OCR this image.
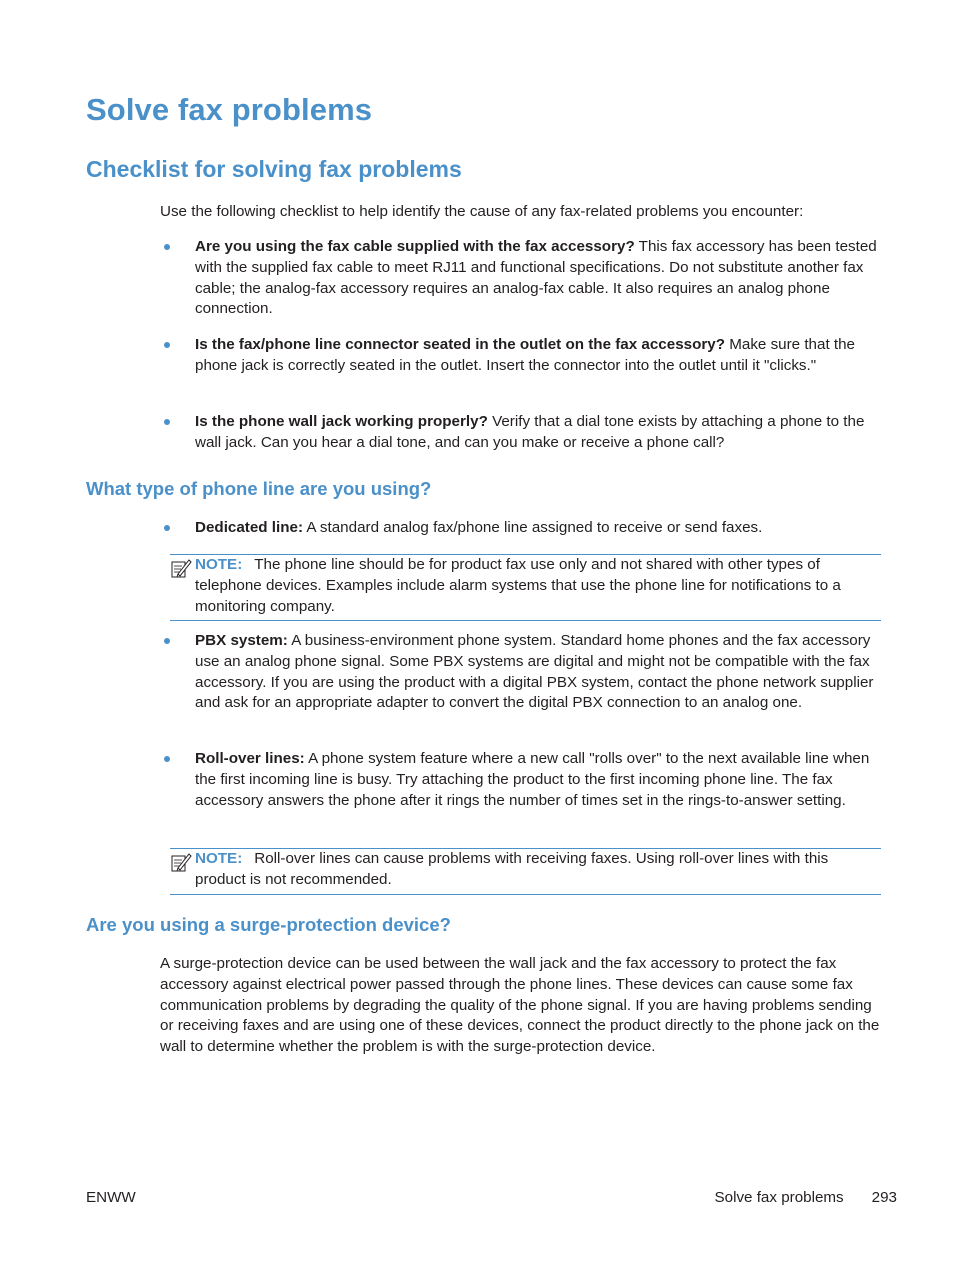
Solve fax problems
Checklist for solving fax problems

Use the following checklist to help identify the cause of any fax-related problems you encounter:

Are you using the fax cable supplied with the fax accessory? This fax accessory has been tested with the supplied fax cable to meet RJ11 and functional specifications. Do not substitute another fax cable; the analog-fax accessory requires an analog-fax cable. It also requires an analog phone connection.
Is the fax/phone line connector seated in the outlet on the fax accessory? Make sure that the phone jack is correctly seated in the outlet. Insert the connector into the outlet until it "clicks."
Is the phone wall jack working properly? Verify that a dial tone exists by attaching a phone to the wall jack. Can you hear a dial tone, and can you make or receive a phone call?
What type of phone line are you using?
Dedicated line: A standard analog fax/phone line assigned to receive or send faxes.
NOTE: The phone line should be for product fax use only and not shared with other types of telephone devices. Examples include alarm systems that use the phone line for notifications to a monitoring company.
PBX system: A business-environment phone system. Standard home phones and the fax accessory use an analog phone signal. Some PBX systems are digital and might not be compatible with the fax accessory. If you are using the product with a digital PBX system, contact the phone network supplier and ask for an appropriate adapter to convert the digital PBX connection to an analog one.
Roll-over lines: A phone system feature where a new call "rolls over" to the next available line when the first incoming line is busy. Try attaching the product to the first incoming phone line. The fax accessory answers the phone after it rings the number of times set in the rings-to-answer setting.
NOTE: Roll-over lines can cause problems with receiving faxes. Using roll-over lines with this product is not recommended.
Are you using a surge-protection device?

A surge-protection device can be used between the wall jack and the fax accessory to protect the fax accessory against electrical power passed through the phone lines. These devices can cause some fax communication problems by degrading the quality of the phone signal. If you are having problems sending or receiving faxes and are using one of these devices, connect the product directly to the phone jack on the wall to determine whether the problem is with the surge-protection device.

ENWW	Solve fax problems 293
